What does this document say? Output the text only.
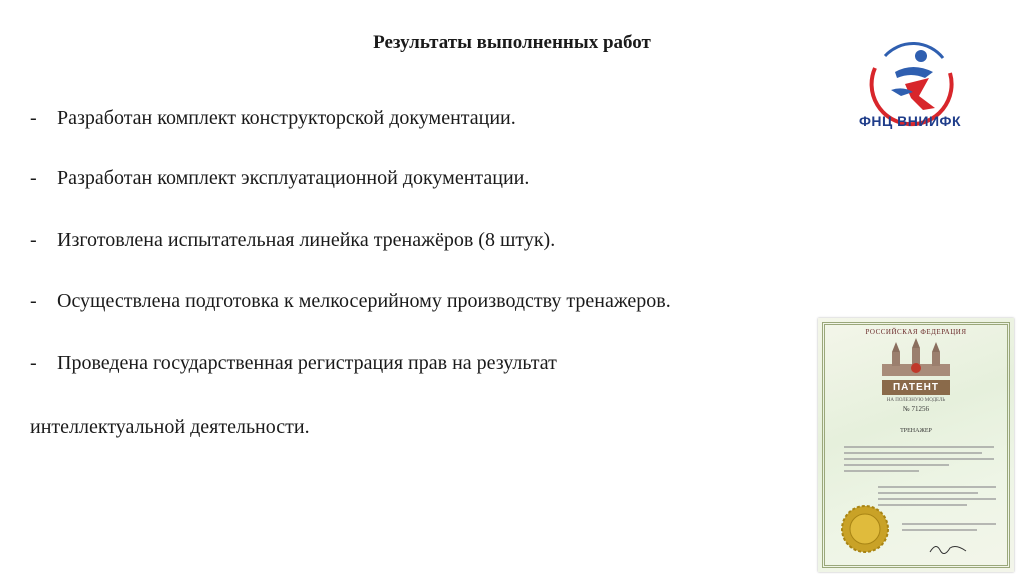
Результаты выполненных работ
ФНЦ ВНИИФК
- Разработан комплект конструкторской документации.
- Разработан комплект эксплуатационной документации.
- Изготовлена испытательная линейка тренажёров (8 штук).
- Осуществлена подготовка к мелкосерийному производству тренажеров.
- Проведена государственная регистрация прав на результат
интеллектуальной деятельности.
РОССИЙСКАЯ ФЕДЕРАЦИЯ
ПАТЕНТ
НА ПОЛЕЗНУЮ МОДЕЛЬ
№ 71256
ТРЕНАЖЕР
